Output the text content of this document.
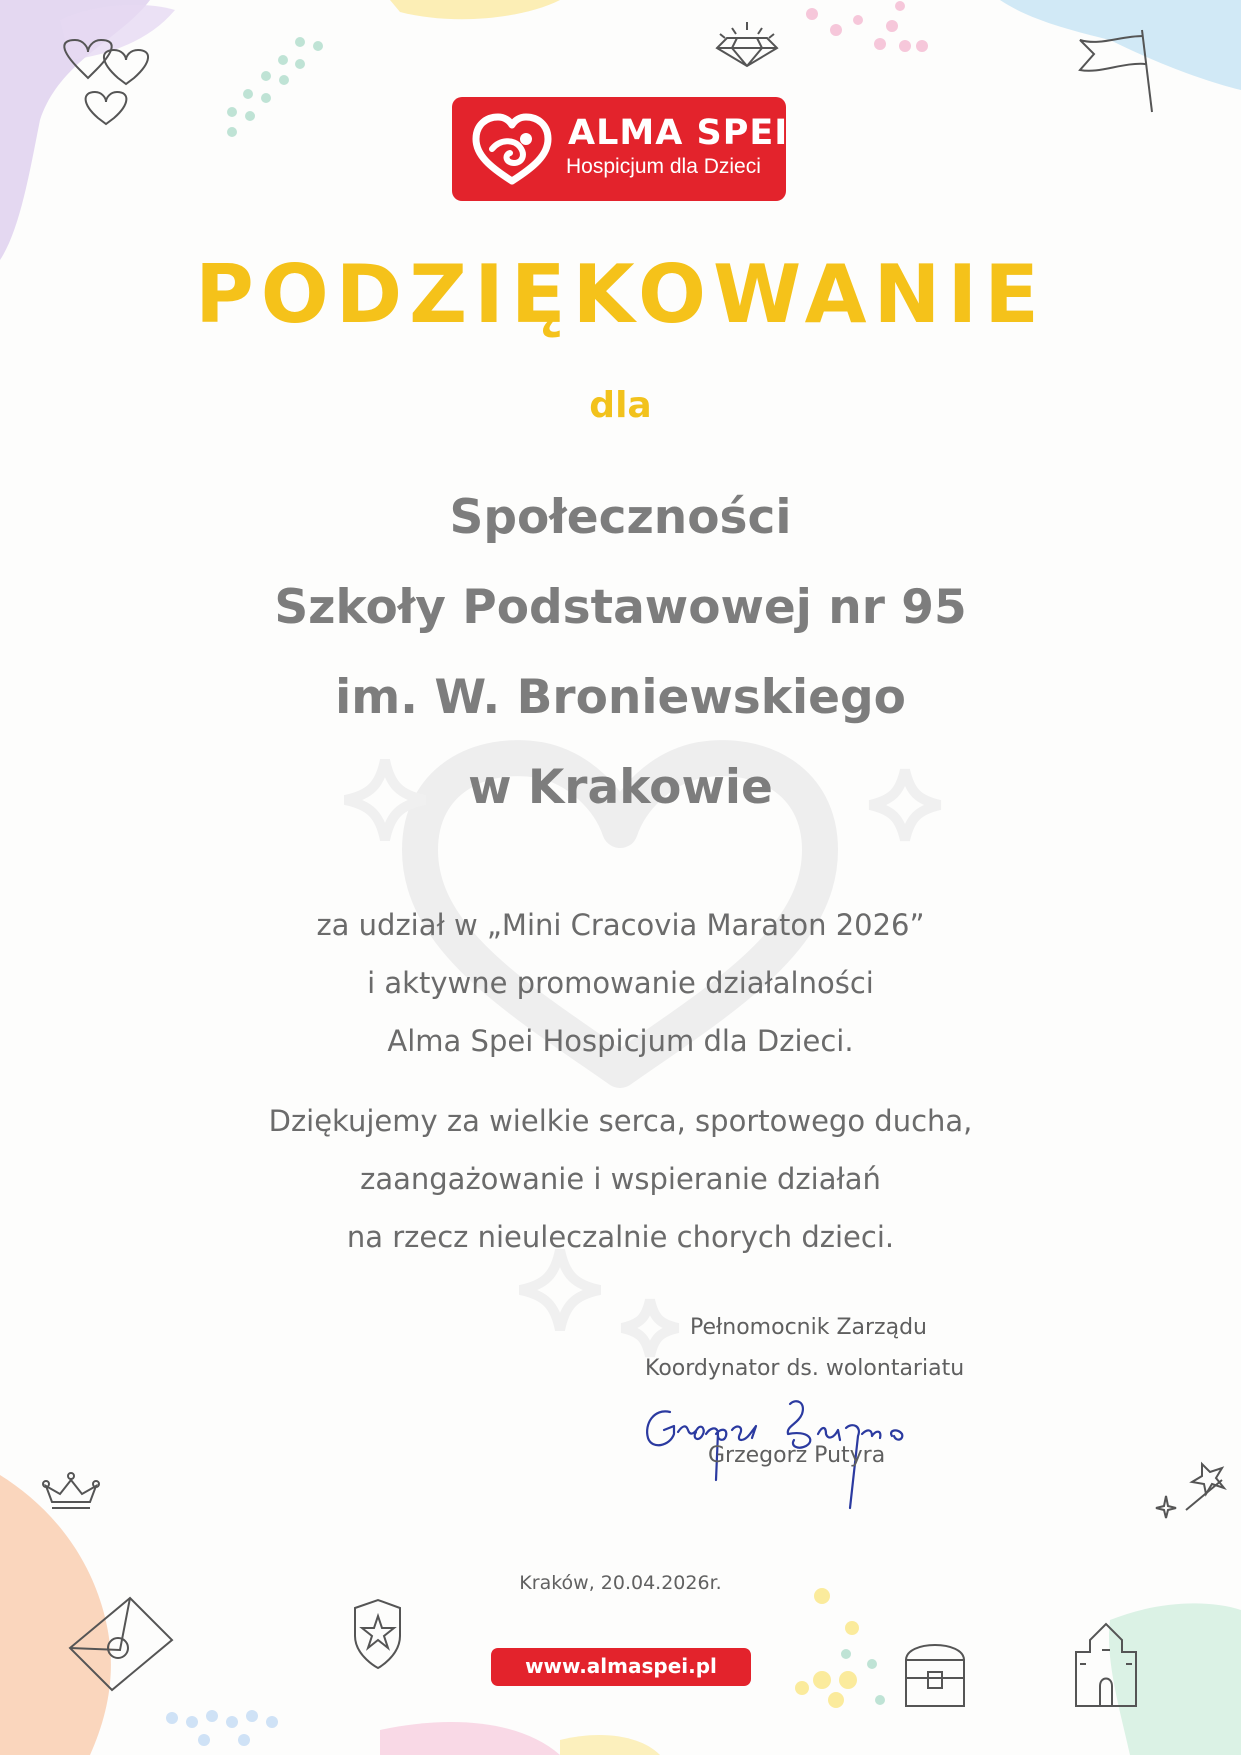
ALMA SPEI
Hospicjum dla Dzieci
PODZIĘKOWANIE
dla
Społeczności
Szkoły Podstawowej nr 95
im. W. Broniewskiego
w Krakowie
za udział w „Mini Cracovia Maraton 2026”
i aktywne promowanie działalności
Alma Spei Hospicjum dla Dzieci.
Dziękujemy za wielkie serca, sportowego ducha,
zaangażowanie i wspieranie działań
na rzecz nieuleczalnie chorych dzieci.
Pełnomocnik Zarządu
Koordynator ds. wolontariatu
Grzegorz Putyra
Kraków, 20.04.2026r.
www.almaspei.pl
